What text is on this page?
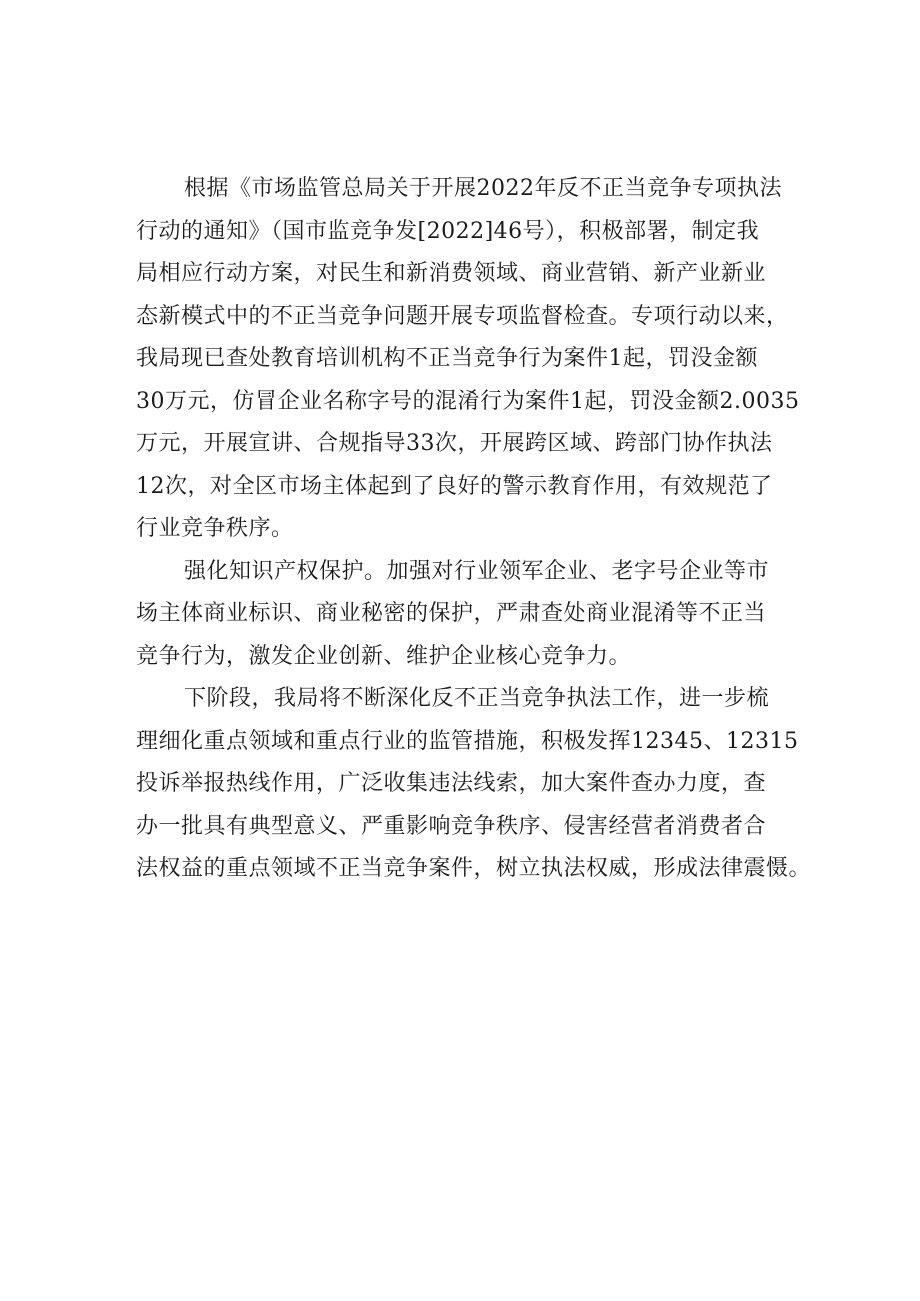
根据《市场监管总局关于开展2022年反不正当竞争专项执法
行动的通知》（国市监竞争发[2022]46号），积极部署，制定我
局相应行动方案，对民生和新消费领域、商业营销、新产业新业
态新模式中的不正当竞争问题开展专项监督检查。专项行动以来，
我局现已查处教育培训机构不正当竞争行为案件1起，罚没金额
30万元，仿冒企业名称字号的混淆行为案件1起，罚没金额2.0035
万元，开展宣讲、合规指导33次，开展跨区域、跨部门协作执法
12次，对全区市场主体起到了良好的警示教育作用，有效规范了
行业竞争秩序。
强化知识产权保护。加强对行业领军企业、老字号企业等市
场主体商业标识、商业秘密的保护，严肃查处商业混淆等不正当
竞争行为，激发企业创新、维护企业核心竞争力。
下阶段，我局将不断深化反不正当竞争执法工作，进一步梳
理细化重点领域和重点行业的监管措施，积极发挥12345、12315
投诉举报热线作用，广泛收集违法线索，加大案件查办力度，查
办一批具有典型意义、严重影响竞争秩序、侵害经营者消费者合
法权益的重点领域不正当竞争案件，树立执法权威，形成法律震慑。
